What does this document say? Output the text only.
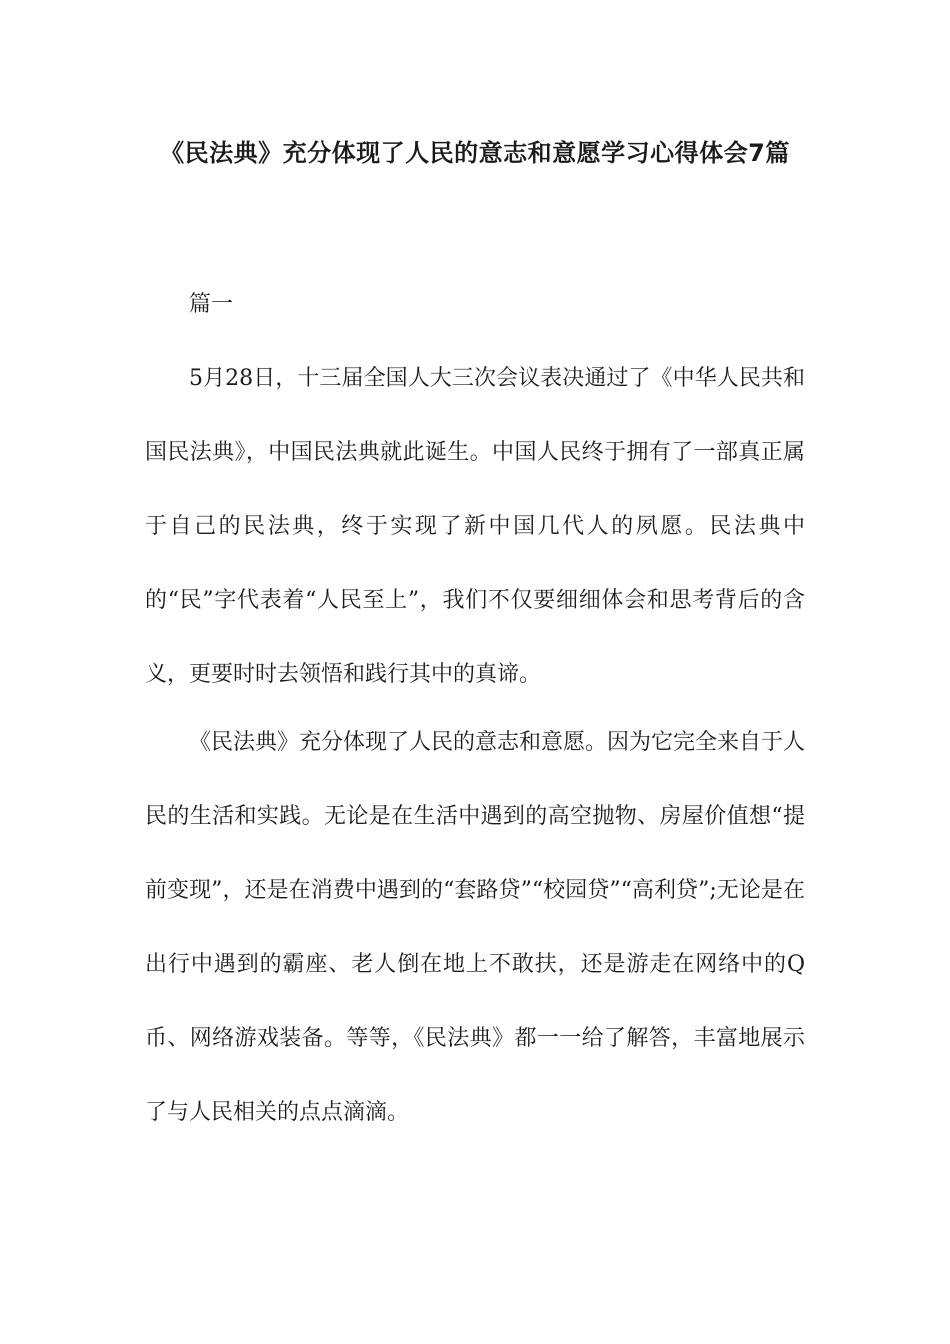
《民法典》充分体现了人民的意志和意愿学习心得体会7篇

篇一

5月28日，十三届全国人大三次会议表决通过了《中华人民共和国民法典》，中国民法典就此诞生。中国人民终于拥有了一部真正属于自己的民法典，终于实现了新中国几代人的夙愿。民法典中的“民”字代表着“人民至上”，我们不仅要细细体会和思考背后的含义，更要时时去领悟和践行其中的真谛。

《民法典》充分体现了人民的意志和意愿。因为它完全来自于人民的生活和实践。无论是在生活中遇到的高空抛物、房屋价值想“提前变现”，还是在消费中遇到的“套路贷”“校园贷”“高利贷”;无论是在出行中遇到的霸座、老人倒在地上不敢扶，还是游走在网络中的Q币、网络游戏装备。等等，《民法典》都一一给了解答，丰富地展示了与人民相关的点点滴滴。
